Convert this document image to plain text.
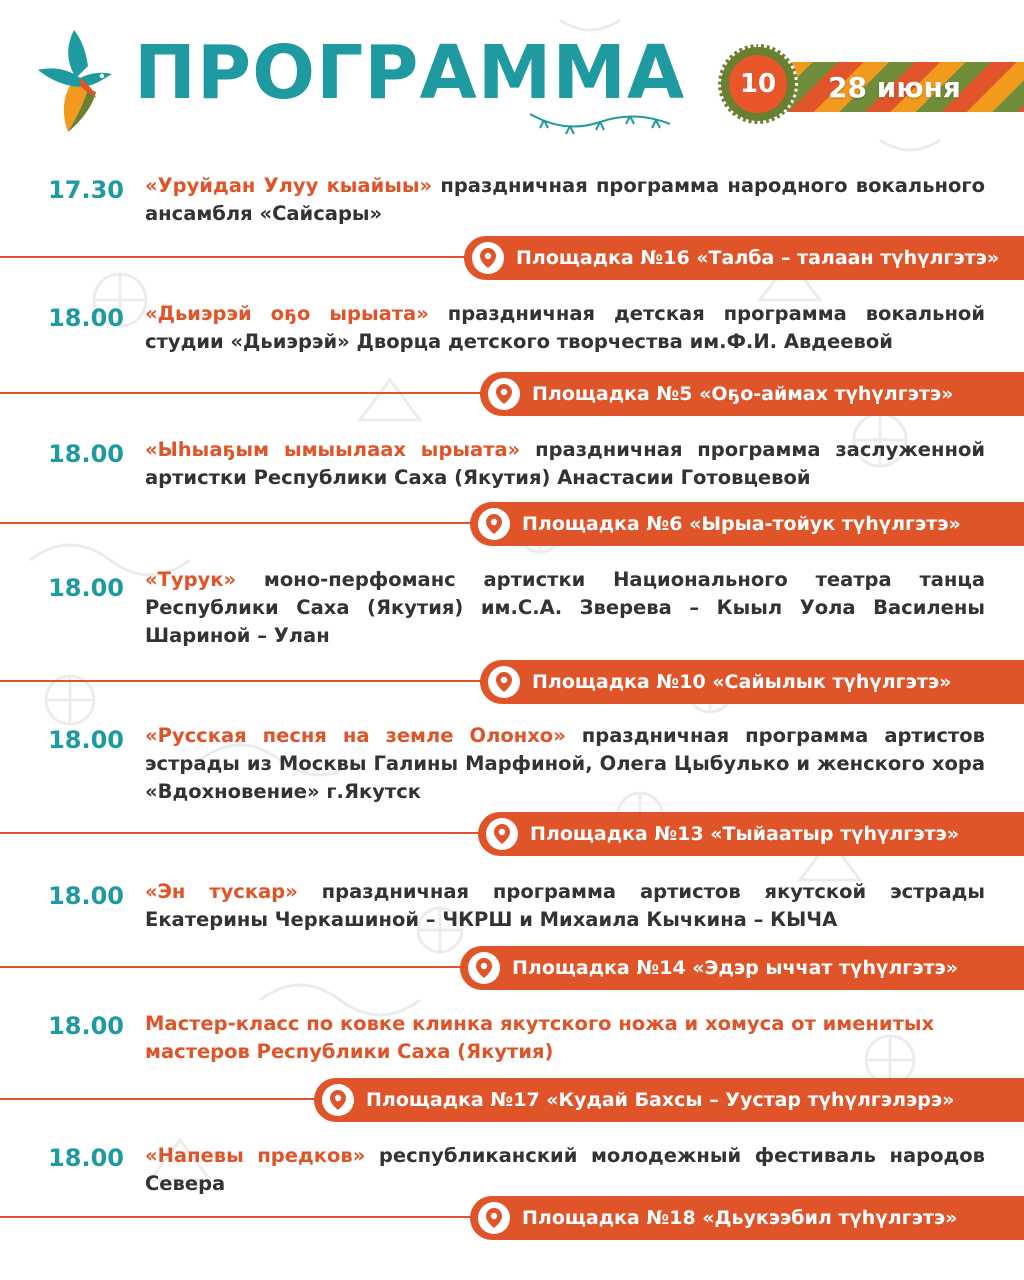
ПРОГРАММА	28 июня
10
17.30 «Уруйдан Улуу кыайыы» праздничная программа народного вокального ансамбля «Сайсары»
Площадка №16 «Талба – талаан түһүлгэтэ»
18.00 «Дьиэрэй оҕо ырыата» праздничная детская программа вокальной студии «Дьиэрэй» Дворца детского творчества им.Ф.И. Авдеевой
Площадка №5 «Оҕо-аймах түһүлгэтэ»
18.00 «Ыһыаҕым ымыылаах ырыата» праздничная программа заслуженной артистки Республики Саха (Якутия) Анастасии Готовцевой
Площадка №6 «Ырыа-тойук түһүлгэтэ»
18.00 «Турук» моно-перфоманс артистки Национального театра танца Республики Саха (Якутия) им.С.А. Зверева – Кыыл Уола Василены Шариной – Улан
Площадка №10 «Сайылык түһүлгэтэ»
18.00 «Русская песня на земле Олонхо» праздничная программа артистов эстрады из Москвы Галины Марфиной, Олега Цыбулько и женского хора «Вдохновение» г.Якутск
Площадка №13 «Тыйаатыр түһүлгэтэ»
18.00 «Эн тускар» праздничная программа артистов якутской эстрады Екатерины Черкашиной – ЧКРШ и Михаила Кычкина – КЫЧА
Площадка №14 «Эдэр ыччат түһүлгэтэ»
18.00 Мастер-класс по ковке клинка якутского ножа и хомуса от именитых мастеров Республики Саха (Якутия)
Площадка №17 «Кудай Бахсы – Уустар түһүлгэлэрэ»
18.00 «Напевы предков» республиканский молодежный фестиваль народов Севера
Площадка №18 «Дьукээбил түһүлгэтэ»
